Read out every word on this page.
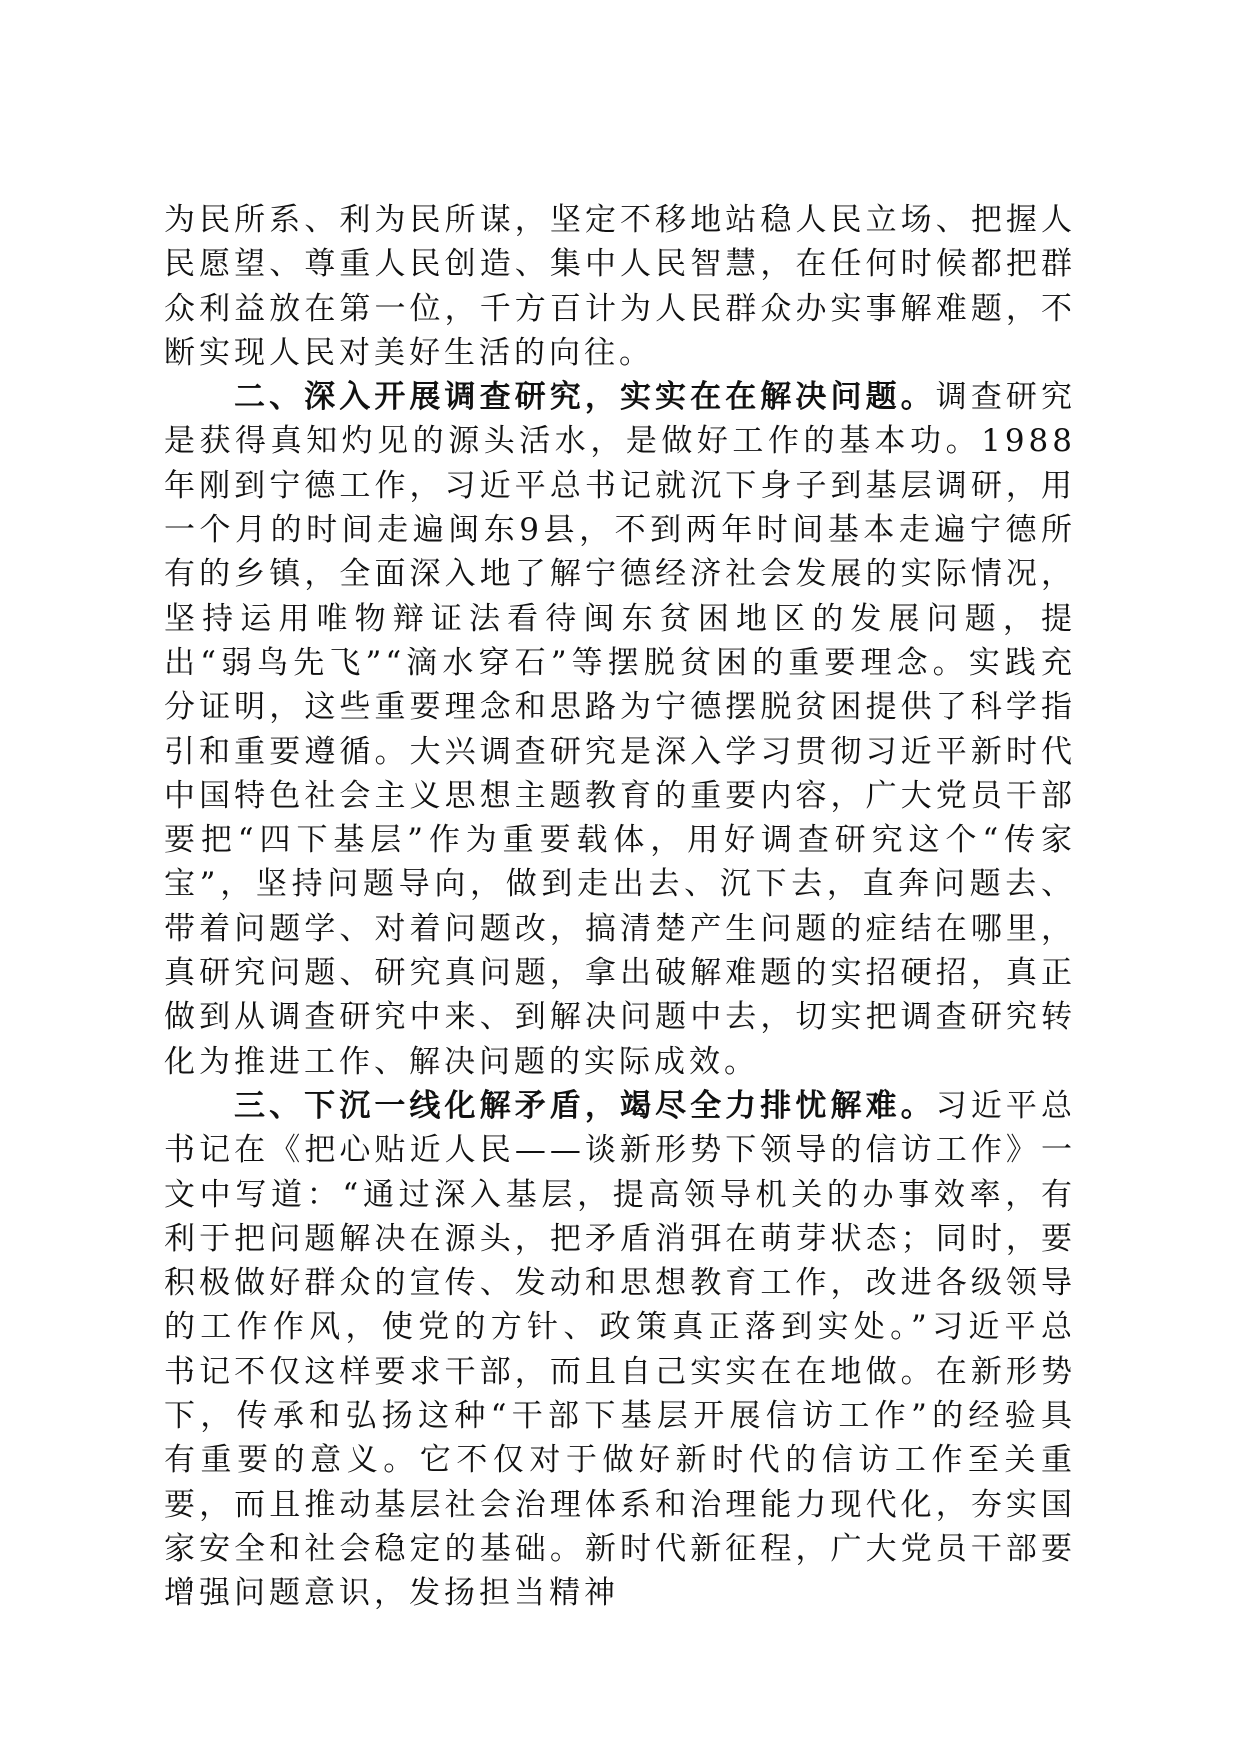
为民所系、利为民所谋，坚定不移地站稳人民立场、把握人民愿望、尊重人民创造、集中人民智慧，在任何时候都把群众利益放在第一位，千方百计为人民群众办实事解难题，不断实现人民对美好生活的向往。

二、深入开展调查研究，实实在在解决问题。调查研究是获得真知灼见的源头活水，是做好工作的基本功。1988年刚到宁德工作，习近平总书记就沉下身子到基层调研，用一个月的时间走遍闽东9县，不到两年时间基本走遍宁德所有的乡镇，全面深入地了解宁德经济社会发展的实际情况，坚持运用唯物辩证法看待闽东贫困地区的发展问题，提出“弱鸟先飞”“滴水穿石”等摆脱贫困的重要理念。实践充分证明，这些重要理念和思路为宁德摆脱贫困提供了科学指引和重要遵循。大兴调查研究是深入学习贯彻习近平新时代中国特色社会主义思想主题教育的重要内容，广大党员干部要把“四下基层”作为重要载体，用好调查研究这个“传家宝”，坚持问题导向，做到走出去、沉下去，直奔问题去、带着问题学、对着问题改，搞清楚产生问题的症结在哪里，真研究问题、研究真问题，拿出破解难题的实招硬招，真正做到从调查研究中来、到解决问题中去，切实把调查研究转化为推进工作、解决问题的实际成效。

三、下沉一线化解矛盾，竭尽全力排忧解难。习近平总书记在《把心贴近人民——谈新形势下领导的信访工作》一文中写道：“通过深入基层，提高领导机关的办事效率，有利于把问题解决在源头，把矛盾消弭在萌芽状态；同时，要积极做好群众的宣传、发动和思想教育工作，改进各级领导的工作作风，使党的方针、政策真正落到实处。”习近平总书记不仅这样要求干部，而且自己实实在在地做。在新形势下，传承和弘扬这种“干部下基层开展信访工作”的经验具有重要的意义。它不仅对于做好新时代的信访工作至关重要，而且推动基层社会治理体系和治理能力现代化，夯实国家安全和社会稳定的基础。新时代新征程，广大党员干部要增强问题意识，发扬担当精神
